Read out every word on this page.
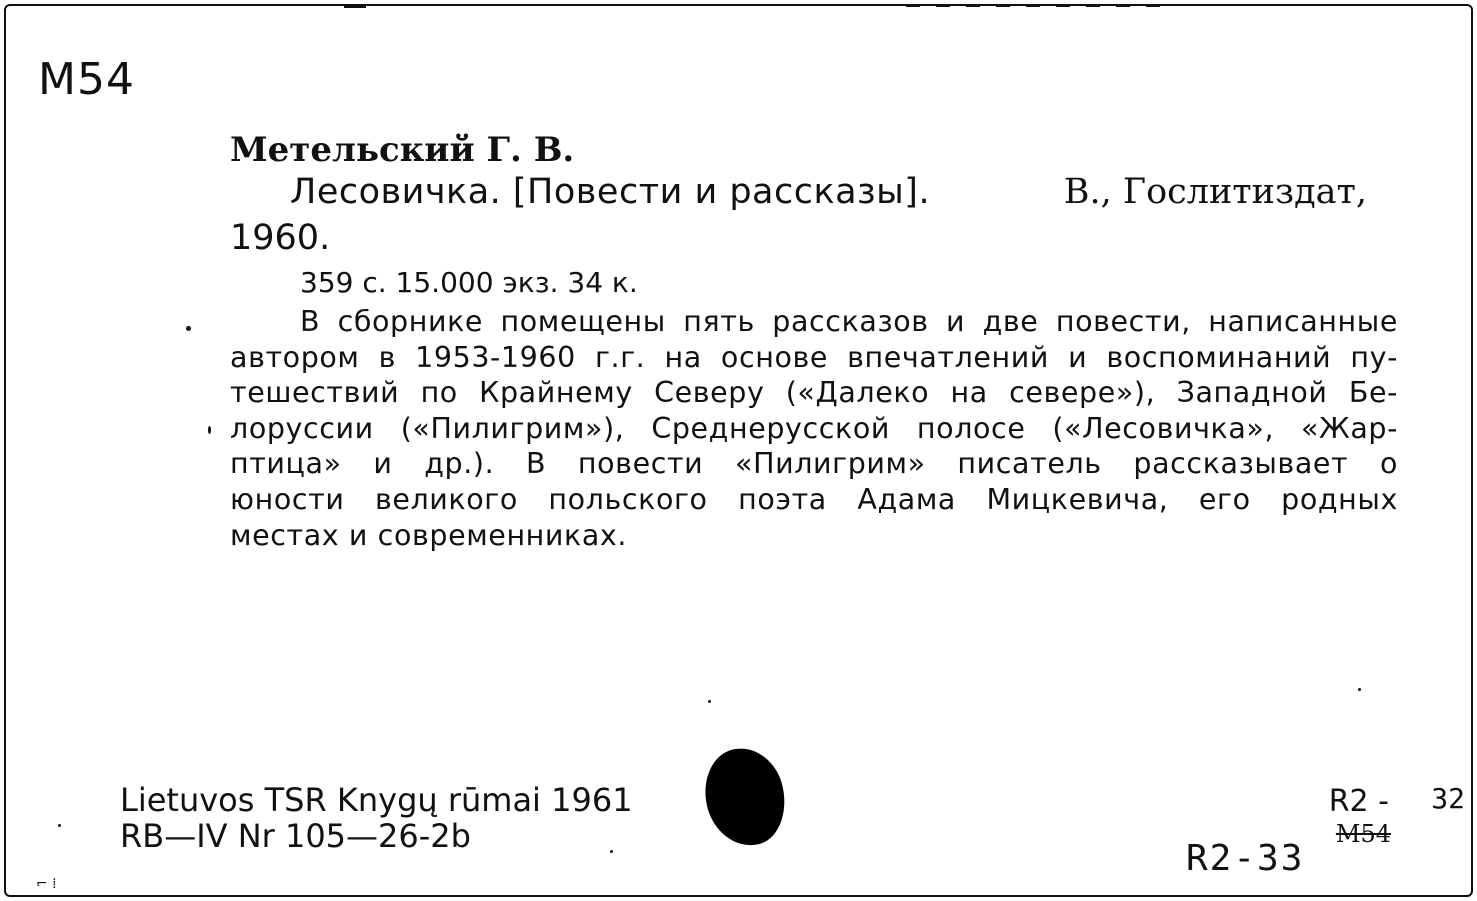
М54
Метельский Г. В.
Лесовичка. [Повести и рассказы].	В., Гослитиздат,
1960.
359 с. 15.000 экз. 34 к.
В сборнике помещены пять рассказов и две повести, написанные
автором в 1953-1960 г.г. на основе впечатлений и воспоминаний пу-
тешествий по Крайнему Северу («Далеко на севере»), Западной Бе-
лоруссии («Пилигрим»), Среднерусской полосе («Лесовичка», «Жар-
птица» и др.). В повести «Пилигрим» писатель рассказывает о
юности великого польского поэта Адама Мицкевича, его родных
местах и современниках.
Lietuvos TSR Knygų rūmai 1961
RB—IV Nr 105—26-2b
R2 - 32
М54
R2-33
⌐ ⁞
